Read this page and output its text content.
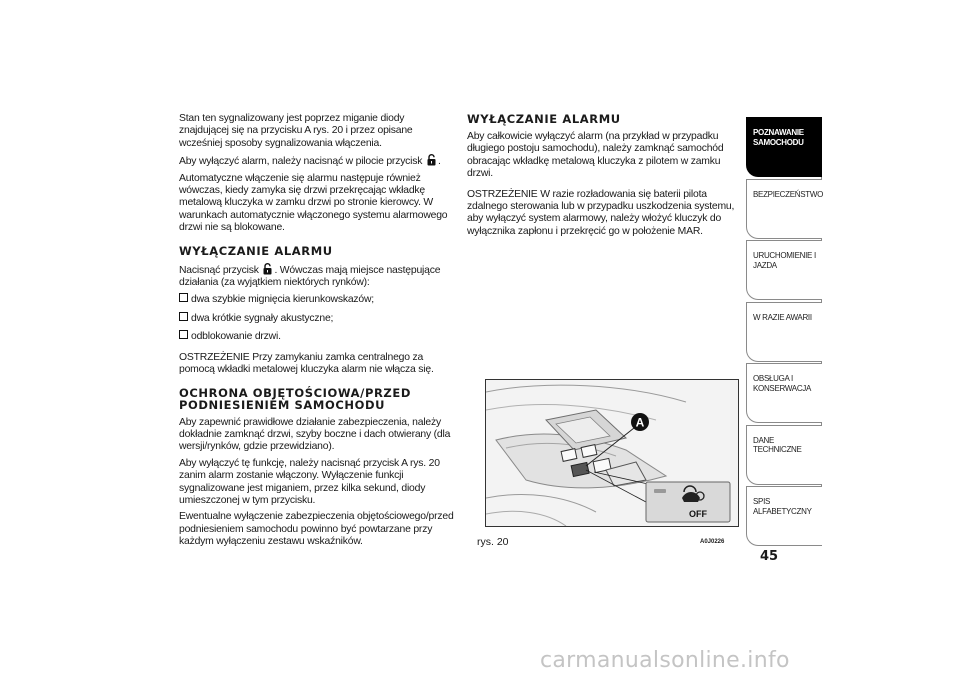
Stan ten sygnalizowany jest poprzez miganie diody znajdującej się na przycisku A rys. 20 i przez opisane wcześniej sposoby sygnalizowania włączenia.

Aby wyłączyć alarm, należy nacisnąć w pilocie przycisk .

Automatyczne włączenie się alarmu następuje również wówczas, kiedy zamyka się drzwi przekręcając wkładkę metalową kluczyka w zamku drzwi po stronie kierowcy. W warunkach automatycznie włączonego systemu alarmowego drzwi nie są blokowane.

WYŁĄCZANIE ALARMU

Nacisnąć przycisk . Wówczas mają miejsce następujące działania (za wyjątkiem niektórych rynków):

dwa szybkie mignięcia kierunkowskazów;
dwa krótkie sygnały akustyczne;
odblokowanie drzwi.

OSTRZEŻENIE Przy zamykaniu zamka centralnego za pomocą wkładki metalowej kluczyka alarm nie włącza się.

OCHRONA OBJĘTOŚCIOWA/PRZED PODNIESIENIEM SAMOCHODU

Aby zapewnić prawidłowe działanie zabezpieczenia, należy dokładnie zamknąć drzwi, szyby boczne i dach otwierany (dla wersji/rynków, gdzie przewidziano).

Aby wyłączyć tę funkcję, należy nacisnąć przycisk A rys. 20 zanim alarm zostanie włączony. Wyłączenie funkcji sygnalizowane jest miganiem, przez kilka sekund, diody umieszczonej w tym przycisku.

Ewentualne wyłączenie zabezpieczenia objętościowego/przed podniesieniem samochodu powinno być powtarzane przy każdym wyłączeniu zestawu wskaźników.

WYŁĄCZANIE ALARMU

Aby całkowicie wyłączyć alarm (na przykład w przypadku długiego postoju samochodu), należy zamknąć samochód obracając wkładkę metalową kluczyka z pilotem w zamku drzwi.

OSTRZEŻENIE W razie rozładowania się baterii pilota zdalnego sterowania lub w przypadku uszkodzenia systemu, aby wyłączyć system alarmowy, należy włożyć kluczyk do wyłącznika zapłonu i przekręcić go w położenie MAR.

A
OFF
rys. 20	A0J0226
POZNAWANIE SAMOCHODU
BEZPIECZEŃSTWO
URUCHOMIENIE I JAZDA
W RAZIE AWARII
OBSŁUGA I KONSERWACJA
DANE TECHNICZNE
SPIS ALFABETYCZNY
45
carmanualsonline.info
